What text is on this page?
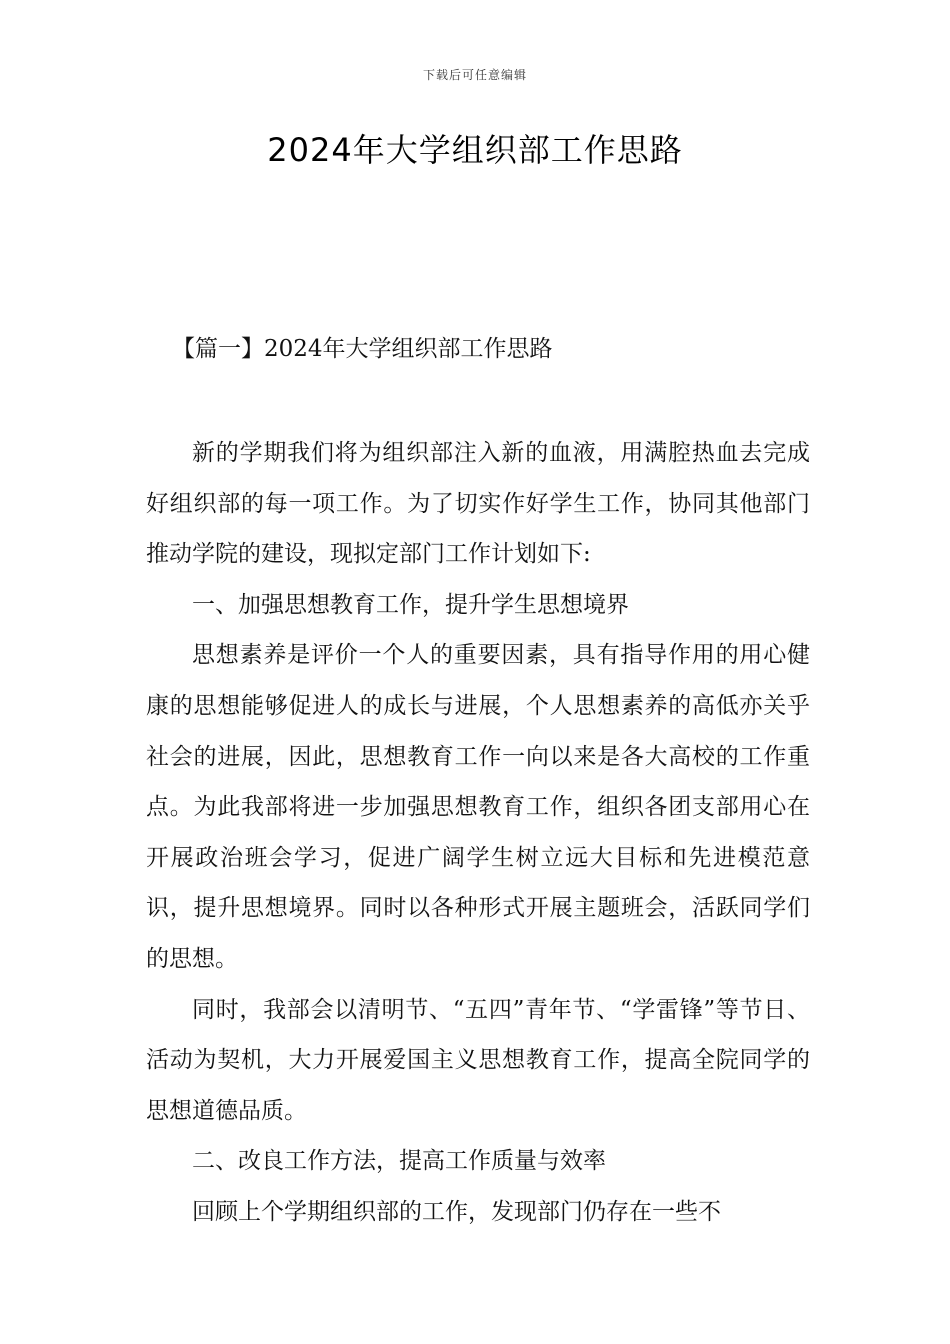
下载后可任意编辑
2024年大学组织部工作思路
【篇一】2024年大学组织部工作思路

新的学期我们将为组织部注入新的血液，用满腔热血去完成好组织部的每一项工作。为了切实作好学生工作，协同其他部门推动学院的建设，现拟定部门工作计划如下:

一、加强思想教育工作，提升学生思想境界

思想素养是评价一个人的重要因素，具有指导作用的用心健康的思想能够促进人的成长与进展，个人思想素养的高低亦关乎社会的进展，因此，思想教育工作一向以来是各大高校的工作重点。为此我部将进一步加强思想教育工作，组织各团支部用心在开展政治班会学习，促进广阔学生树立远大目标和先进模范意识，提升思想境界。同时以各种形式开展主题班会，活跃同学们的思想。

同时，我部会以清明节、“五四”青年节、“学雷锋”等节日、活动为契机，大力开展爱国主义思想教育工作，提高全院同学的思想道德品质。

二、改良工作方法，提高工作质量与效率

回顾上个学期组织部的工作，发现部门仍存在一些不
